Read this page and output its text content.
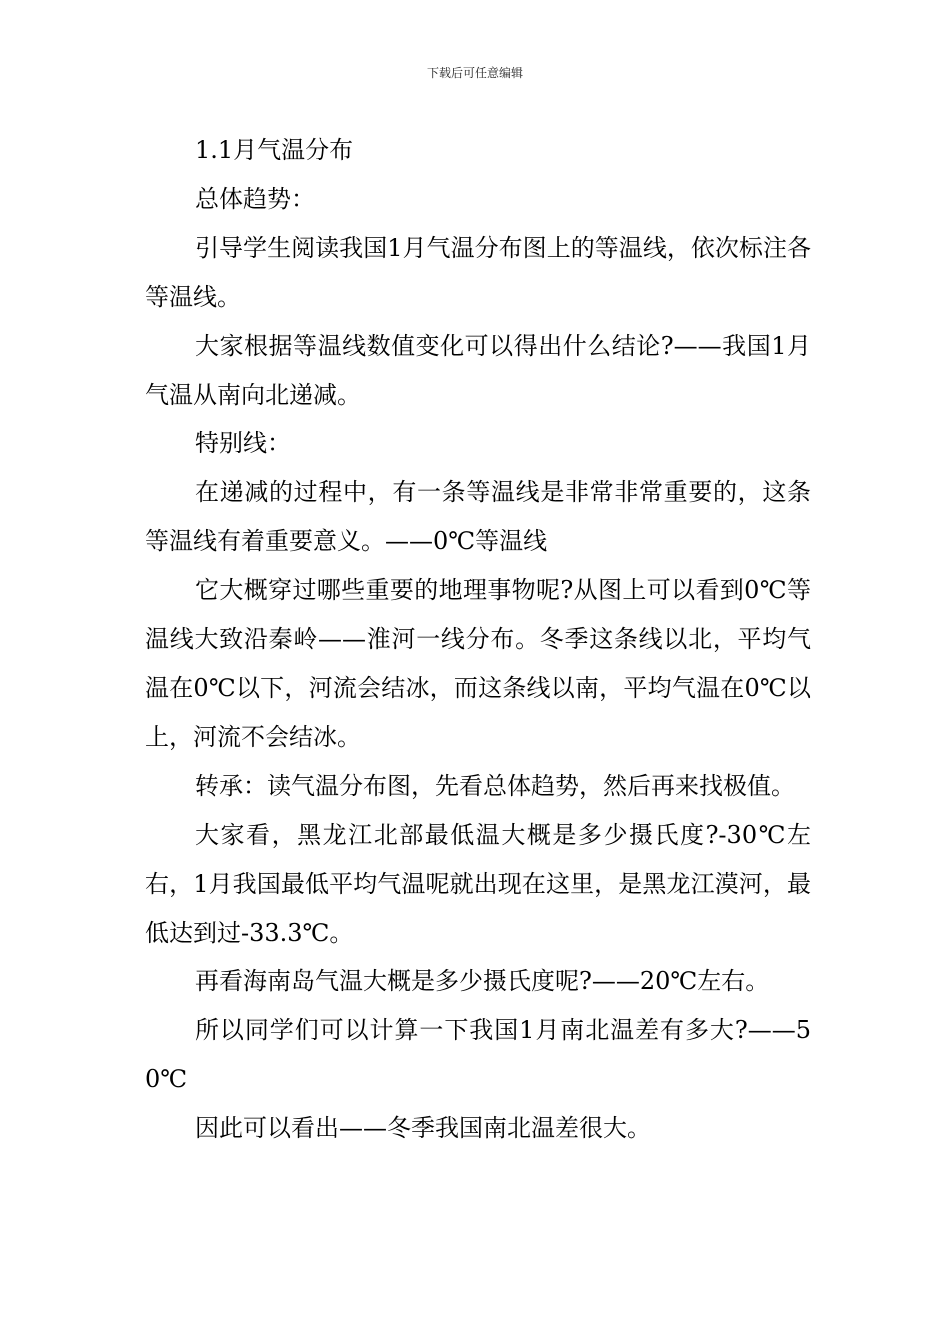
下载后可任意编辑

1.1月气温分布

总体趋势：

引导学生阅读我国1月气温分布图上的等温线，依次标注各等温线。

大家根据等温线数值变化可以得出什么结论?——我国1月气温从南向北递减。

特别线：

在递减的过程中，有一条等温线是非常非常重要的，这条等温线有着重要意义。——0℃等温线

它大概穿过哪些重要的地理事物呢?从图上可以看到0℃等温线大致沿秦岭——淮河一线分布。冬季这条线以北，平均气温在0℃以下，河流会结冰，而这条线以南，平均气温在0℃以上，河流不会结冰。

转承：读气温分布图，先看总体趋势，然后再来找极值。

大家看，黑龙江北部最低温大概是多少摄氏度?-30℃左右，1月我国最低平均气温呢就出现在这里，是黑龙江漠河，最低达到过-33.3℃。

再看海南岛气温大概是多少摄氏度呢?——20℃左右。

所以同学们可以计算一下我国1月南北温差有多大?——50℃

因此可以看出——冬季我国南北温差很大。
